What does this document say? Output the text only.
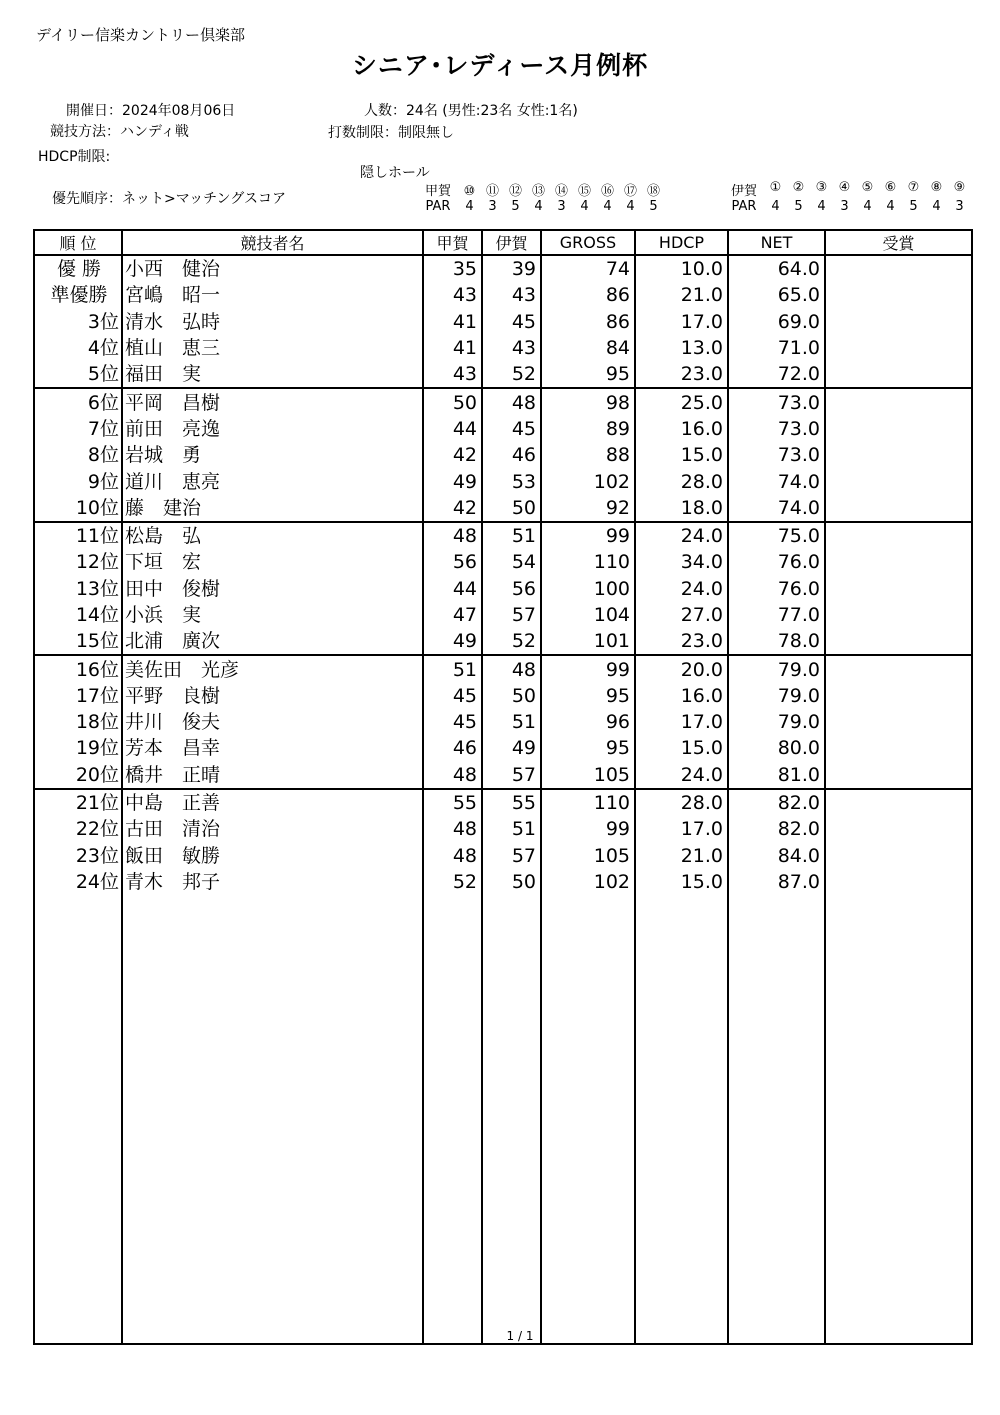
デイリー信楽カントリー倶楽部
シニア･レディース月例杯
開催日：2024年08月06日
競技方法：ハンディ戦
HDCP制限:
人数：24名 (男性:23名 女性:1名)
打数制限：制限無し
隠しホール
優先順序：ネット>マッチングスコア	甲賀 ⑩ ⑪ ⑫ ⑬ ⑭ ⑮ ⑯ ⑰ ⑱
PAR	4 3 5 4 3 4 4 4 5
伊賀 ① ② ③ ④ ⑤ ⑥ ⑦ ⑧ ⑨
PAR	4 5 4 3 4 4 5 4 3
順 位	競技者名	甲賀	伊賀	GROSS	HDCP	NET	受賞
優 勝	小西　健治	35	39	74	10.0	64.0	
準優勝	宮嶋　昭一	43	43	86	21.0	65.0	
3位	清水　弘時	41	45	86	17.0	69.0	
4位	植山　恵三	41	43	84	13.0	71.0	
5位	福田　実	43	52	95	23.0	72.0	
6位	平岡　昌樹	50	48	98	25.0	73.0	
7位	前田　亮逸	44	45	89	16.0	73.0	
8位	岩城　勇	42	46	88	15.0	73.0	
9位	道川　恵亮	49	53	102	28.0	74.0	
10位	藤　建治	42	50	92	18.0	74.0	
11位	松島　弘	48	51	99	24.0	75.0	
12位	下垣　宏	56	54	110	34.0	76.0	
13位	田中　俊樹	44	56	100	24.0	76.0	
14位	小浜　実	47	57	104	27.0	77.0	
15位	北浦　廣次	49	52	101	23.0	78.0	
16位	美佐田　光彦	51	48	99	20.0	79.0	
17位	平野　良樹	45	50	95	16.0	79.0	
18位	井川　俊夫	45	51	96	17.0	79.0	
19位	芳本　昌幸	46	49	95	15.0	80.0	
20位	橋井　正晴	48	57	105	24.0	81.0	
21位	中島　正善	55	55	110	28.0	82.0	
22位	古田　清治	48	51	99	17.0	82.0	
23位	飯田　敏勝	48	57	105	21.0	84.0	
24位	青木　邦子	52	50	102	15.0	87.0	

1 / 1
